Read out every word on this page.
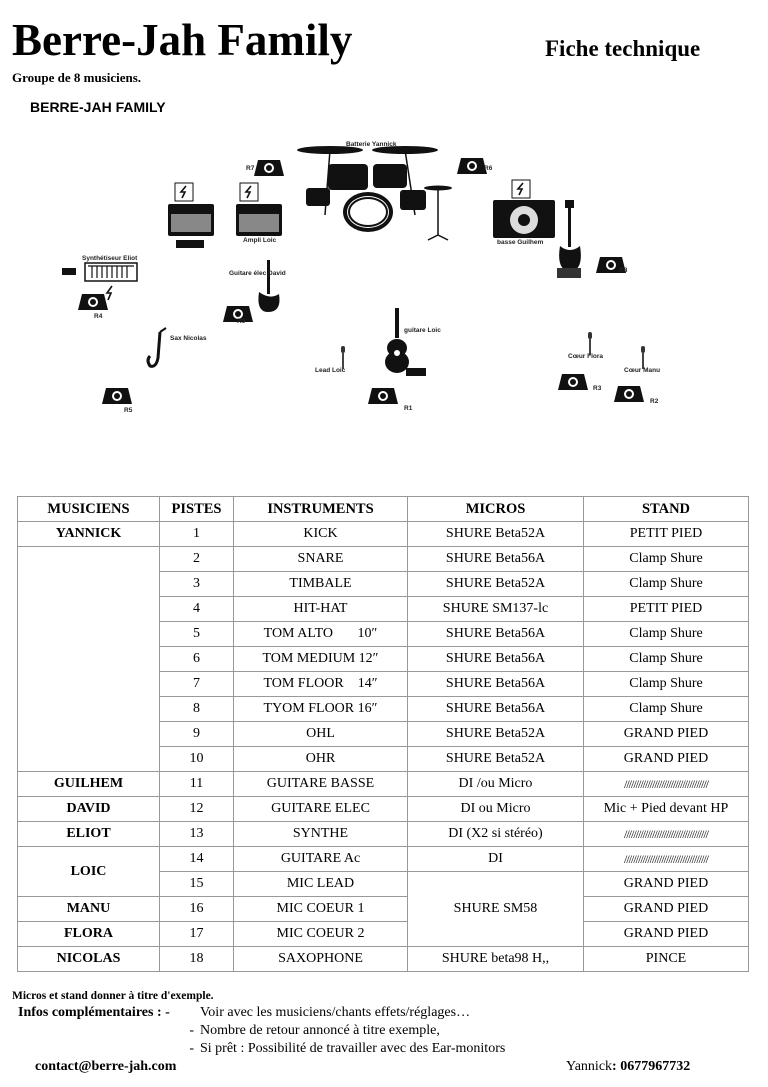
Berre-Jah Family	Fiche technique
Groupe de 8 musiciens.
BERRE-JAH FAMILY
Batterie Yannick
R7	R6
Ampli Loic	basse Guilhem
R8
Synthétiseur Eliot
R4
Guitare élec David
R9
Sax Nicolas
R5
guitare Loic
Lead Loic
R1
Cœur Flora
Cœur Manu
R3
R2
MUSICIENS	PISTES	INSTRUMENTS	MICROS	STAND
YANNICK	1	KICK	SHURE Beta52A	PETIT PIED
	2	SNARE	SHURE Beta56A	Clamp Shure
	3	TIMBALE	SHURE Beta52A	Clamp Shure
	4	HIT-HAT	SHURE SM137-lc	PETIT PIED
	5	TOM ALTO       10″	SHURE Beta56A	Clamp Shure
	6	TOM MEDIUM 12″	SHURE Beta56A	Clamp Shure
	7	TOM FLOOR    14″	SHURE Beta56A	Clamp Shure
	8	TYOM FLOOR 16″	SHURE Beta56A	Clamp Shure
	9	OHL	SHURE Beta52A	GRAND PIED
	10	OHR	SHURE Beta52A	GRAND PIED
GUILHEM	11	GUITARE BASSE	DI /ou Micro	////////////////////////////////////
DAVID	12	GUITARE ELEC	DI ou Micro	Mic + Pied devant HP
ELIOT	13	SYNTHE	DI (X2 si stéréo)	////////////////////////////////////
LOIC	14	GUITARE Ac	DI	////////////////////////////////////
	15	MIC LEAD	SHURE SM58	GRAND PIED
MANU	16	MIC COEUR 1		GRAND PIED
FLORA	17	MIC COEUR 2		GRAND PIED
NICOLAS	18	SAXOPHONE	SHURE beta98 H,,	PINCE
Micros et stand donner à titre d'exemple.
Infos complémentaires : - Voir avec les musiciens/chants effets/réglages…
- Nombre de retour annoncé à titre exemple,
- Si prêt : Possibilité de travailler avec des Ear-monitors
contact@berre-jah.com	Yannick: 0677967732
